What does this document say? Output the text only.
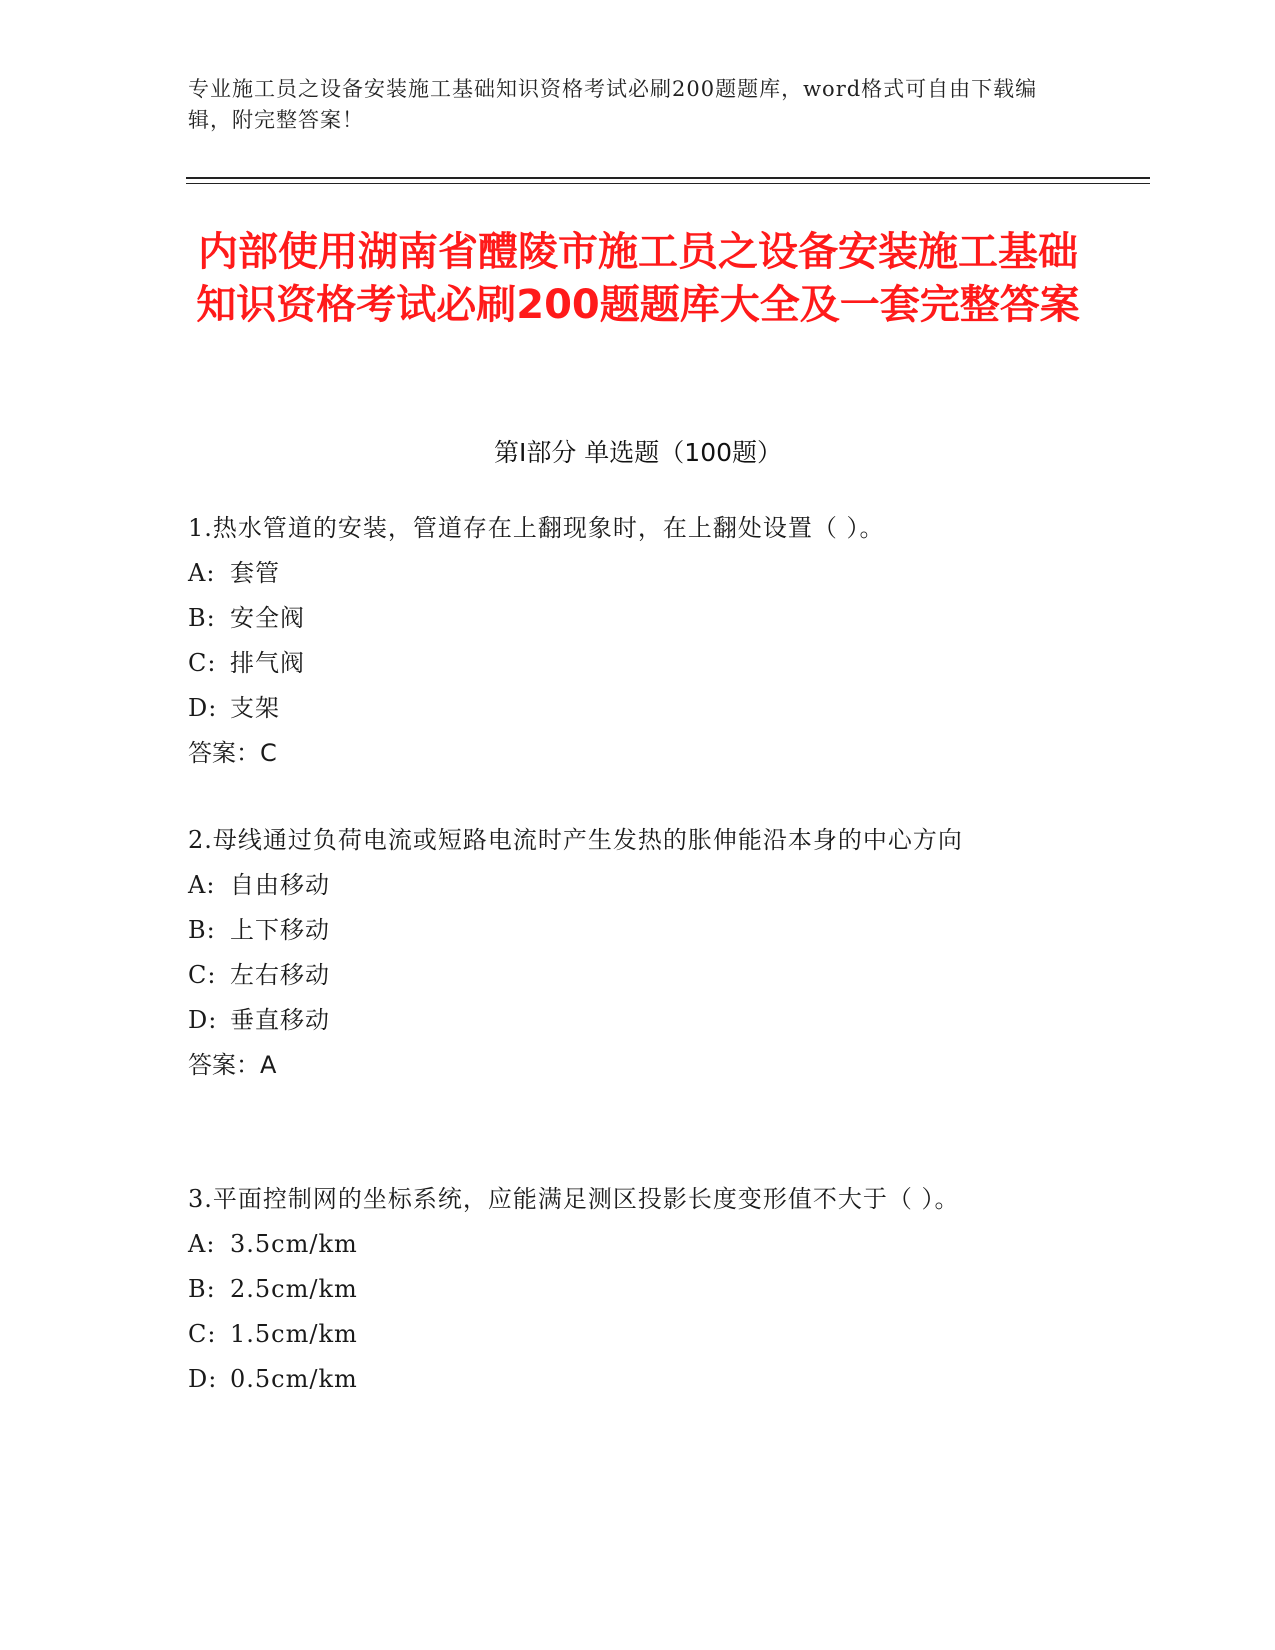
专业施工员之设备安装施工基础知识资格考试必刷200题题库，word格式可自由下载编辑，附完整答案！
内部使用湖南省醴陵市施工员之设备安装施工基础知识资格考试必刷200题题库大全及一套完整答案
第Ⅰ部分 单选题（100题）
1.热水管道的安装，管道存在上翻现象时，在上翻处设置（ ）。
A: 套管
B: 安全阀
C: 排气阀
D: 支架
答案：C
2.母线通过负荷电流或短路电流时产生发热的胀伸能沿本身的中心方向
A: 自由移动
B: 上下移动
C: 左右移动
D: 垂直移动
答案：A
3.平面控制网的坐标系统，应能满足测区投影长度变形值不大于（ ）。
A: 3.5cm/km
B: 2.5cm/km
C: 1.5cm/km
D: 0.5cm/km
